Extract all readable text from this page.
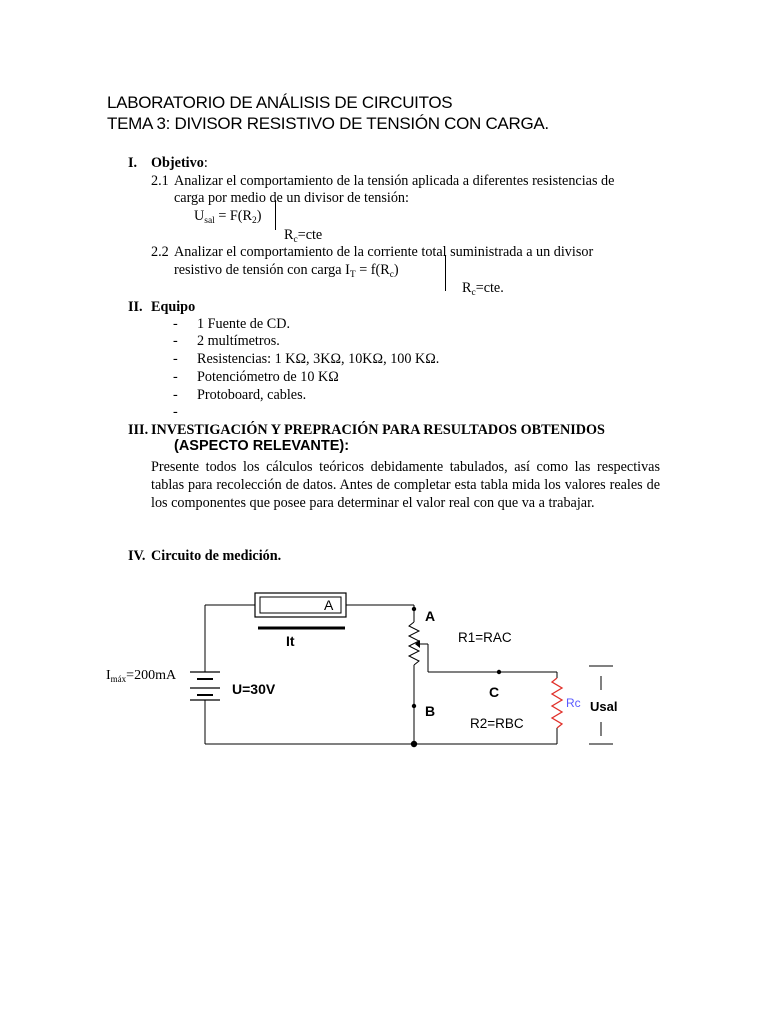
LABORATORIO DE ANÁLISIS DE CIRCUITOS
TEMA 3: DIVISOR RESISTIVO DE TENSIÓN CON CARGA.
I. Objetivo:
2.1 Analizar el comportamiento de la tensión aplicada a diferentes resistencias de
carga por medio de un divisor de tensión:
$U_{sal} = F(R_2)$
$R_c=cte$
2.2 Analizar el comportamiento de la corriente total suministrada a un divisor
resistivo de tensión con carga $I_T = f(R_c)$
$R_c=cte$.
II. Equipo
- 1 Fuente de CD.
- 2 multímetros.
- Resistencias: 1 KΩ, 3KΩ, 10KΩ, 100 KΩ.
- Potenciómetro de 10 KΩ
- Protoboard, cables.
-
III. INVESTIGACIÓN Y PREPRACIÓN PARA RESULTADOS OBTENIDOS
(ASPECTO RELEVANTE):
Presente todos los cálculos teóricos debidamente tabulados, así como las respectivas tablas para recolección de datos. Antes de completar esta tabla mida los valores reales de los componentes que posee para determinar el valor real con que va a trabajar.
IV. Circuito de medición.
A
It
U=30V
A
B
C
R1=RAC
R2=RBC
Rc Usal
$I_{máx}=200mA$
